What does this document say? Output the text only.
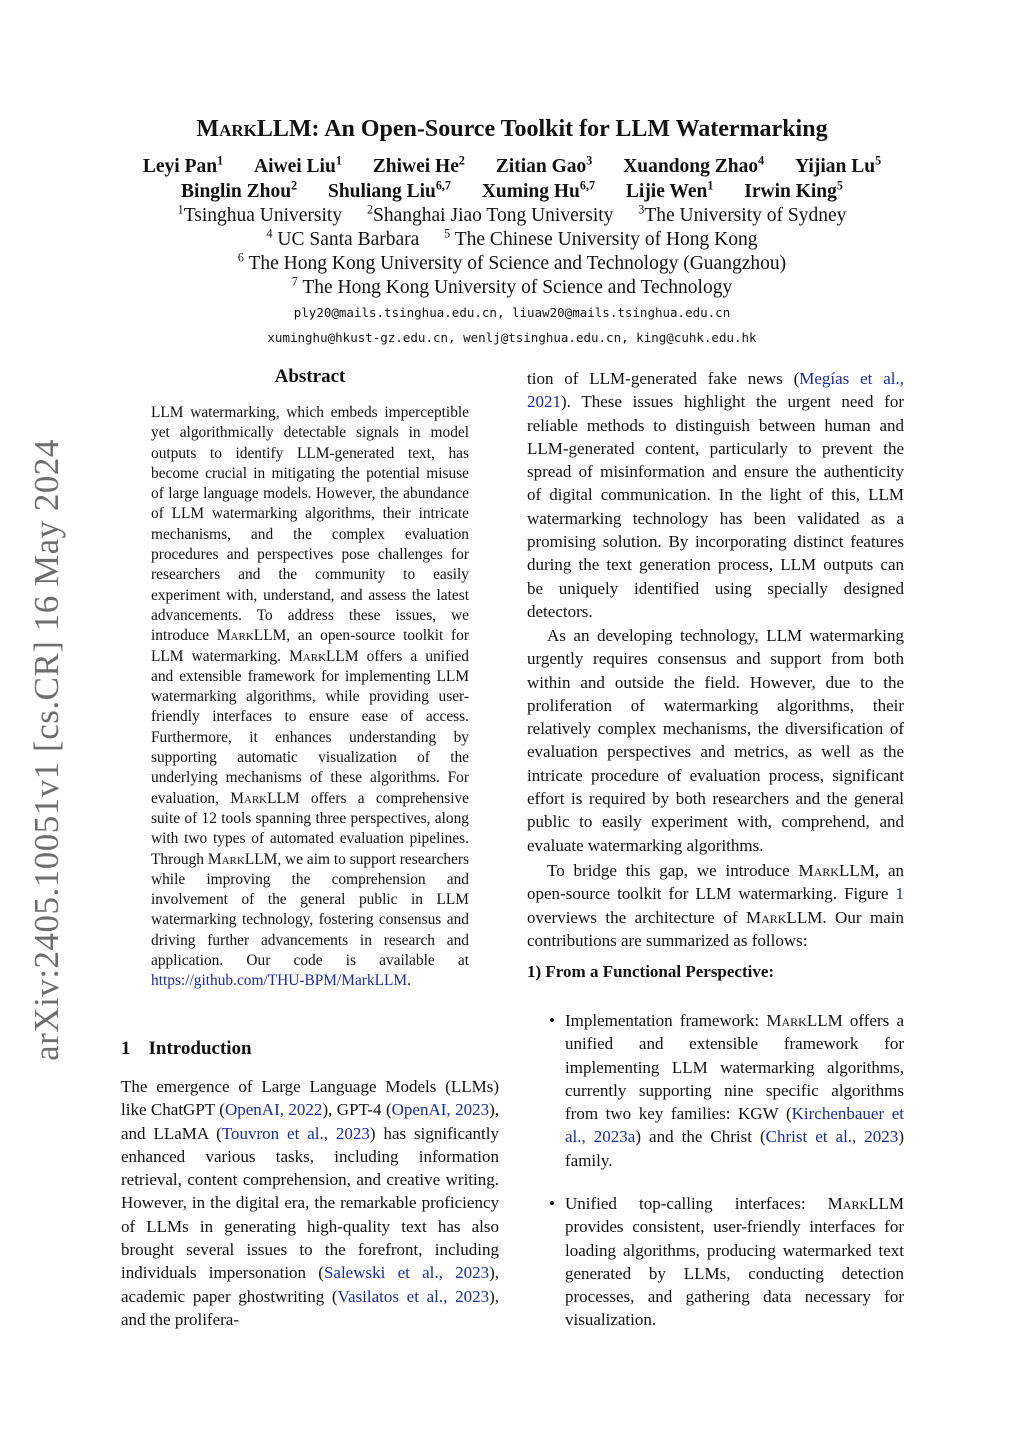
arXiv:2405.10051v1 [cs.CR] 16 May 2024
MarkLLM: An Open-Source Toolkit for LLM Watermarking
Leyi Pan$^1$ Aiwei Liu$^1$ Zhiwei He$^2$ Zitian Gao$^3$ Xuandong Zhao$^4$ Yijian Lu$^5$
Binglin Zhou$^2$ Shuliang Liu$^{6,7}$ Xuming Hu$^{6,7}$ Lijie Wen$^1$ Irwin King$^5$
$^1$Tsinghua University $^2$Shanghai Jiao Tong University $^3$The University of Sydney
$^4$ UC Santa Barbara $^5$ The Chinese University of Hong Kong
$^6$ The Hong Kong University of Science and Technology (Guangzhou)
$^7$ The Hong Kong University of Science and Technology
ply20@mails.tsinghua.edu.cn, liuaw20@mails.tsinghua.edu.cn
xuminghu@hkust-gz.edu.cn, wenlj@tsinghua.edu.cn, king@cuhk.edu.hk
Abstract

LLM watermarking, which embeds imperceptible yet algorithmically detectable signals in model outputs to identify LLM-generated text, has become crucial in mitigating the potential misuse of large language models. However, the abundance of LLM watermarking algorithms, their intricate mechanisms, and the complex evaluation procedures and perspectives pose challenges for researchers and the community to easily experiment with, understand, and assess the latest advancements. To address these issues, we introduce MarkLLM, an open-source toolkit for LLM watermarking. MarkLLM offers a unified and extensible framework for implementing LLM watermarking algorithms, while providing user-friendly interfaces to ensure ease of access. Furthermore, it enhances understanding by supporting automatic visualization of the underlying mechanisms of these algorithms. For evaluation, MarkLLM offers a comprehensive suite of 12 tools spanning three perspectives, along with two types of automated evaluation pipelines. Through MarkLLM, we aim to support researchers while improving the comprehension and involvement of the general public in LLM watermarking technology, fostering consensus and driving further advancements in research and application. Our code is available at https://github.com/THU-BPM/MarkLLM.

1 Introduction

The emergence of Large Language Models (LLMs) like ChatGPT (OpenAI, 2022), GPT-4 (OpenAI, 2023), and LLaMA (Touvron et al., 2023) has significantly enhanced various tasks, including information retrieval, content comprehension, and creative writing. However, in the digital era, the remarkable proficiency of LLMs in generating high-quality text has also brought several issues to the forefront, including individuals impersonation (Salewski et al., 2023), academic paper ghostwriting (Vasilatos et al., 2023), and the prolifera-

tion of LLM-generated fake news (Megías et al., 2021). These issues highlight the urgent need for reliable methods to distinguish between human and LLM-generated content, particularly to prevent the spread of misinformation and ensure the authenticity of digital communication. In the light of this, LLM watermarking technology has been validated as a promising solution. By incorporating distinct features during the text generation process, LLM outputs can be uniquely identified using specially designed detectors.

As an developing technology, LLM watermarking urgently requires consensus and support from both within and outside the field. However, due to the proliferation of watermarking algorithms, their relatively complex mechanisms, the diversification of evaluation perspectives and metrics, as well as the intricate procedure of evaluation process, significant effort is required by both researchers and the general public to easily experiment with, comprehend, and evaluate watermarking algorithms.

To bridge this gap, we introduce MarkLLM, an open-source toolkit for LLM watermarking. Figure 1 overviews the architecture of MarkLLM. Our main contributions are summarized as follows:

1) From a Functional Perspective:

• Implementation framework: MarkLLM offers a unified and extensible framework for implementing LLM watermarking algorithms, currently supporting nine specific algorithms from two key families: KGW (Kirchenbauer et al., 2023a) and the Christ (Christ et al., 2023) family.

• Unified top-calling interfaces: MarkLLM provides consistent, user-friendly interfaces for loading algorithms, producing watermarked text generated by LLMs, conducting detection processes, and gathering data necessary for visualization.
